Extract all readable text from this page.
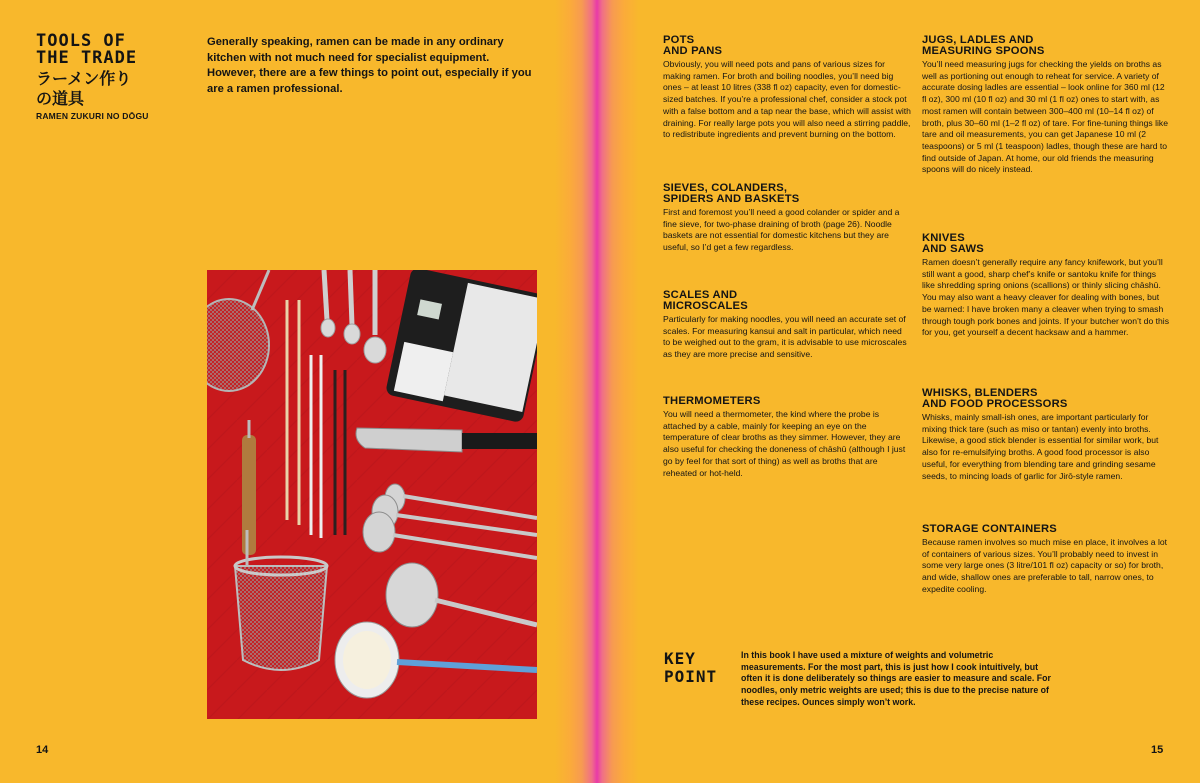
TOOLS OF
THE TRADE
ラーメン作り
の道具
RAMEN ZUKURI NO DŌGU

Generally speaking, ramen can be made in any ordinary kitchen with not much need for specialist equipment. However, there are a few things to point out, especially if you are a ramen professional.

14
POTS
AND PANS

Obviously, you will need pots and pans of various sizes for making ramen. For broth and boiling noodles, you’ll need big ones – at least 10 litres (338 fl oz) capacity, even for domestic-sized batches. If you’re a professional chef, consider a stock pot with a false bottom and a tap near the base, which will assist with draining. For really large pots you will also need a stirring paddle, to redistribute ingredients and prevent burning on the bottom.

SIEVES, COLANDERS,
SPIDERS AND BASKETS

First and foremost you’ll need a good colander or spider and a fine sieve, for two-phase draining of broth (page 26). Noodle baskets are not essential for domestic kitchens but they are useful, so I’d get a few regardless.

SCALES AND
MICROSCALES

Particularly for making noodles, you will need an accurate set of scales. For measuring kansui and salt in particular, which need to be weighed out to the gram, it is advisable to use microscales as they are more precise and sensitive.

THERMOMETERS

You will need a thermometer, the kind where the probe is attached by a cable, mainly for keeping an eye on the temperature of clear broths as they simmer. However, they are also useful for checking the doneness of chāshū (although I just go by feel for that sort of thing) as well as broths that are reheated or hot-held.

JUGS, LADLES AND
MEASURING SPOONS

You’ll need measuring jugs for checking the yields on broths as well as portioning out enough to reheat for service. A variety of accurate dosing ladles are essential – look online for 360 ml (12 fl oz), 300 ml (10 fl oz) and 30 ml (1 fl oz) ones to start with, as most ramen will contain between 300–400 ml (10–14 fl oz) of broth, plus 30–60 ml (1–2 fl oz) of tare. For fine-tuning things like tare and oil measurements, you can get Japanese 10 ml (2 teaspoons) or 5 ml (1 teaspoon) ladles, though these are hard to find outside of Japan. At home, our old friends the measuring spoons will do nicely instead.

KNIVES
AND SAWS

Ramen doesn’t generally require any fancy knifework, but you’ll still want a good, sharp chef’s knife or santoku knife for things like shredding spring onions (scallions) or thinly slicing chāshū. You may also want a heavy cleaver for dealing with bones, but be warned: I have broken many a cleaver when trying to smash through tough pork bones and joints. If your butcher won’t do this for you, get yourself a decent hacksaw and a hammer.

WHISKS, BLENDERS
AND FOOD PROCESSORS

Whisks, mainly small-ish ones, are important particularly for mixing thick tare (such as miso or tantan) evenly into broths. Likewise, a good stick blender is essential for similar work, but also for re-emulsifying broths. A good food processor is also useful, for everything from blending tare and grinding sesame seeds, to mincing loads of garlic for Jirō-style ramen.

STORAGE CONTAINERS

Because ramen involves so much mise en place, it involves a lot of containers of various sizes. You’ll probably need to invest in some very large ones (3 litre/101 fl oz) capacity or so) for broth, and wide, shallow ones are preferable to tall, narrow ones, to expedite cooling.

KEY
POINT

In this book I have used a mixture of weights and volumetric measurements. For the most part, this is just how I cook intuitively, but often it is done deliberately so things are easier to measure and scale. For noodles, only metric weights are used; this is due to the precise nature of these recipes. Ounces simply won’t work.

15
